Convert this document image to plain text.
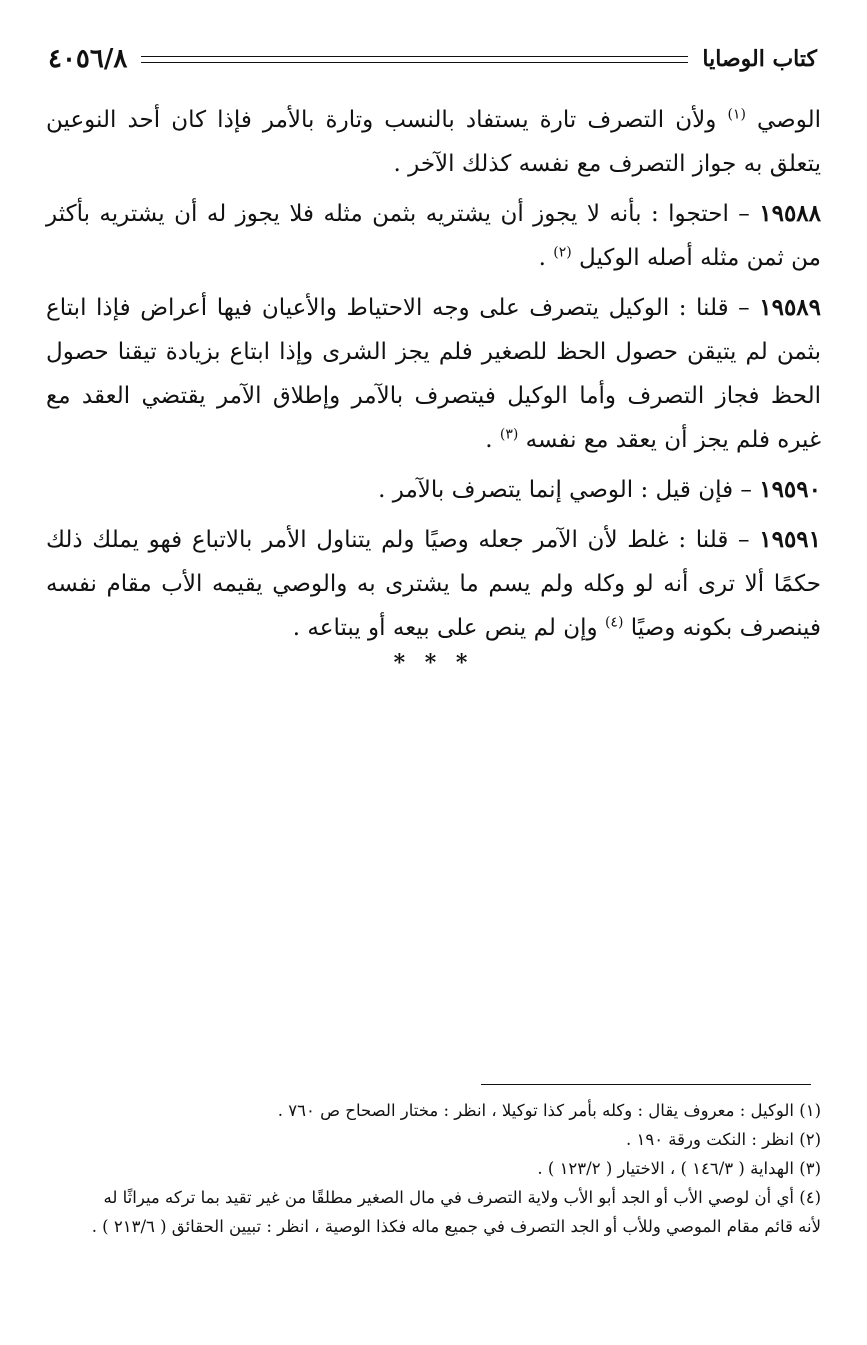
كتاب الوصايا
٤٠٥٦/٨

الوصي $^{(١)}$ ولأن التصرف تارة يستفاد بالنسب وتارة بالأمر فإذا كان أحد النوعين يتعلق به جواز التصرف مع نفسه كذلك الآخر .

١٩٥٨٨ – احتجوا : بأنه لا يجوز أن يشتريه بثمن مثله فلا يجوز له أن يشتريه بأكثر من ثمن مثله أصله الوكيل $^{(٢)}$ .

١٩٥٨٩ – قلنا : الوكيل يتصرف على وجه الاحتياط والأعيان فيها أعراض فإذا ابتاع بثمن لم يتيقن حصول الحظ للصغير فلم يجز الشرى وإذا ابتاع بزيادة تيقنا حصول الحظ فجاز التصرف وأما الوكيل فيتصرف بالآمر وإطلاق الآمر يقتضي العقد مع غيره فلم يجز أن يعقد مع نفسه $^{(٣)}$ .

١٩٥٩٠ – فإن قيل : الوصي إنما يتصرف بالآمر .

١٩٥٩١ – قلنا : غلط لأن الآمر جعله وصيًا ولم يتناول الأمر بالاتباع فهو يملك ذلك حكمًا ألا ترى أنه لو وكله ولم يسم ما يشترى به والوصي يقيمه الأب مقام نفسه فينصرف بكونه وصيًا $^{(٤)}$ وإن لم ينص على بيعه أو يبتاعه .

* * *

(١) الوكيل : معروف يقال : وكله بأمر كذا توكيلا ، انظر : مختار الصحاح ص ٧٦٠ .

(٢) انظر : النكت ورقة ١٩٠ .

(٣) الهداية ( ١٤٦/٣ ) ، الاختيار ( ١٢٣/٢ ) .

(٤) أي أن لوصي الأب أو الجد أبو الأب ولاية التصرف في مال الصغير مطلقًا من غير تقيد بما تركه ميراثًا له

لأنه قائم مقام الموصي وللأب أو الجد التصرف في جميع ماله فكذا الوصية ، انظر : تبيين الحقائق ( ٢١٣/٦ ) .
